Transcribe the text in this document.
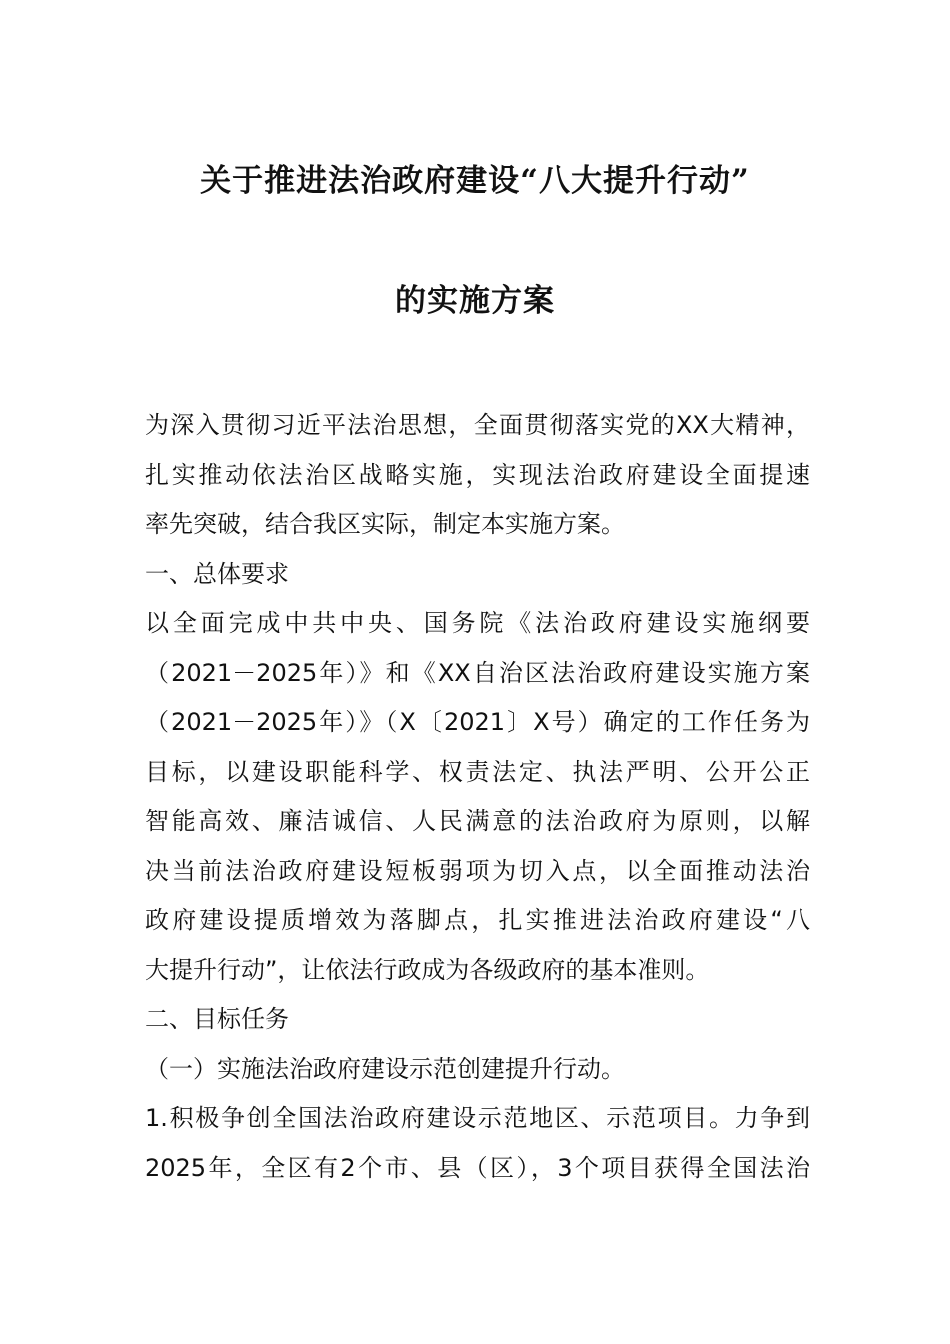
关于推进法治政府建设“八大提升行动”
的实施方案
为深入贯彻习近平法治思想，全面贯彻落实党的XX大精神，
扎实推动依法治区战略实施，实现法治政府建设全面提速
率先突破，结合我区实际，制定本实施方案。
一、总体要求
以全面完成中共中央、国务院《法治政府建设实施纲要
（2021－2025年）》和《XX自治区法治政府建设实施方案
（2021－2025年）》（X〔2021〕X号）确定的工作任务为
目标，以建设职能科学、权责法定、执法严明、公开公正
智能高效、廉洁诚信、人民满意的法治政府为原则，以解
决当前法治政府建设短板弱项为切入点，以全面推动法治
政府建设提质增效为落脚点，扎实推进法治政府建设“八
大提升行动”，让依法行政成为各级政府的基本准则。
二、目标任务
（一）实施法治政府建设示范创建提升行动。
1.积极争创全国法治政府建设示范地区、示范项目。力争到
2025年，全区有2个市、县（区），3个项目获得全国法治
